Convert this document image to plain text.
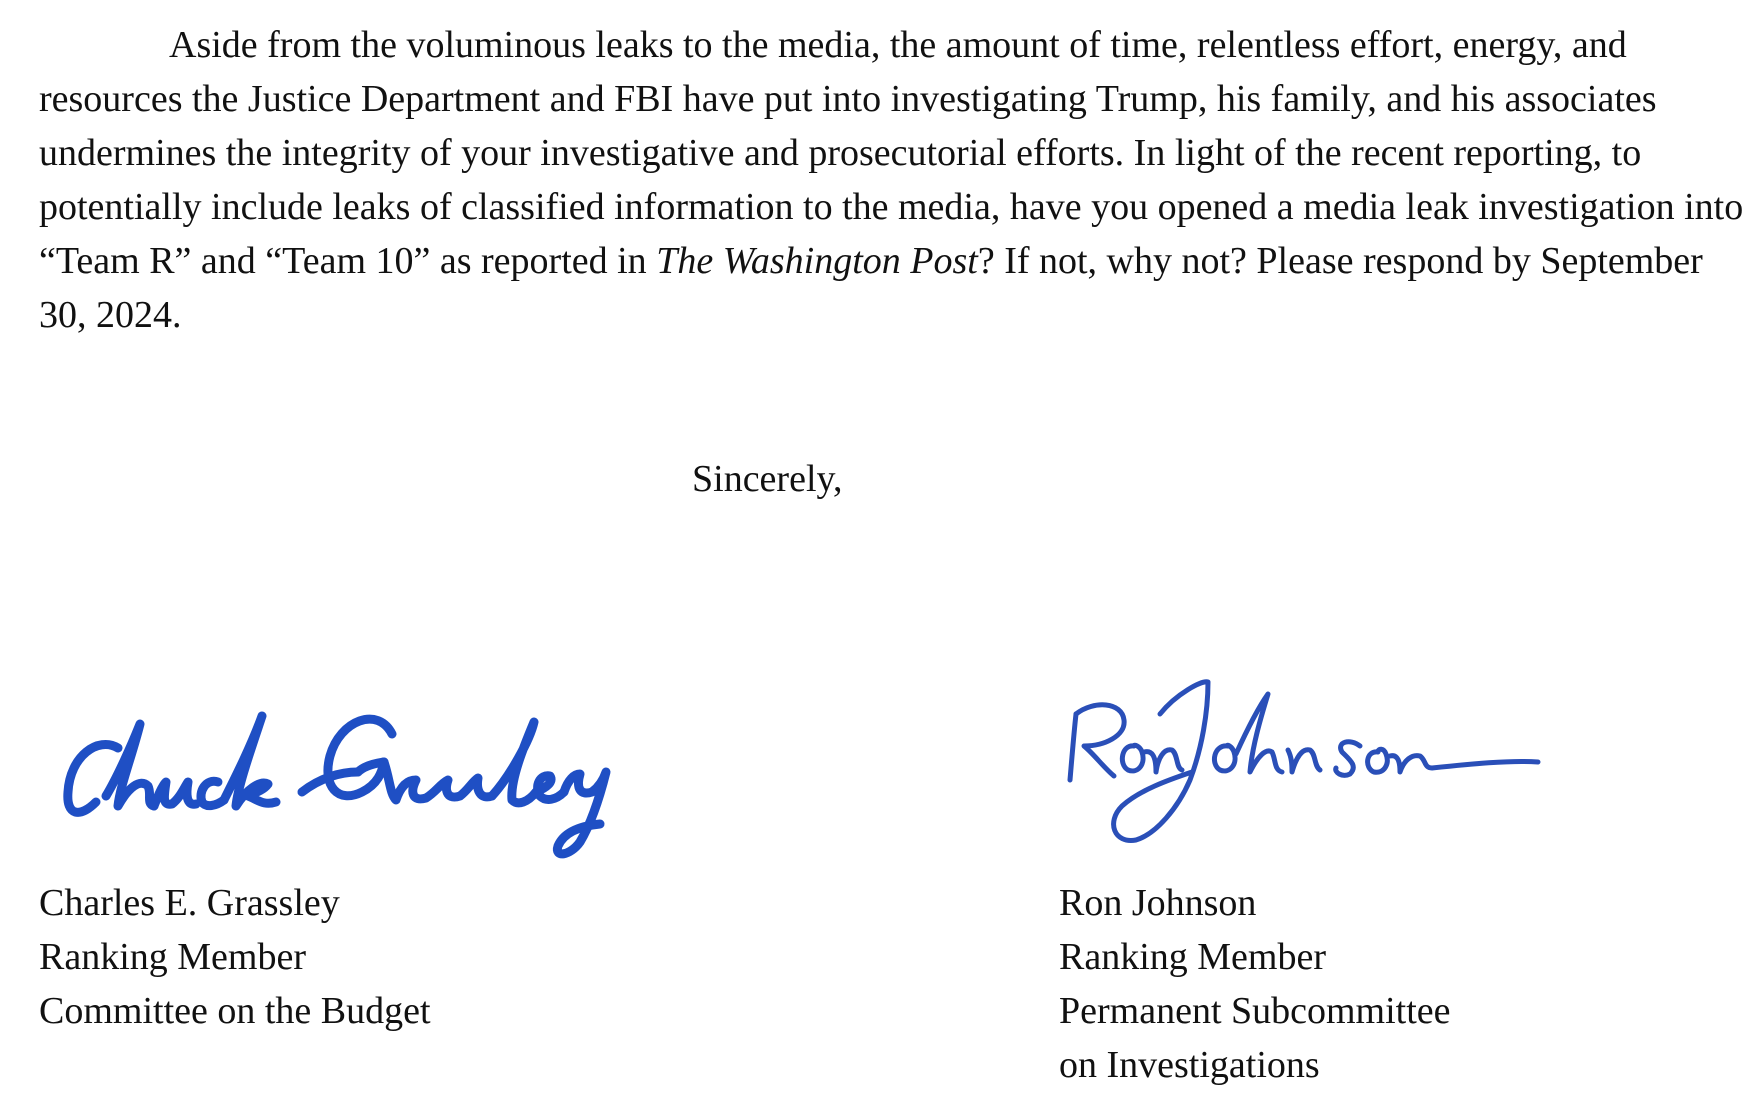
Aside from the voluminous leaks to the media, the amount of time, relentless effort, energy, and resources the Justice Department and FBI have put into investigating Trump, his family, and his associates undermines the integrity of your investigative and prosecutorial efforts. In light of the recent reporting, to potentially include leaks of classified information to the media, have you opened a media leak investigation into “Team R” and “Team 10” as reported in The Washington Post? If not, why not? Please respond by September 30, 2024.

Sincerely,

Charles E. Grassley
Ranking Member
Committee on the Budget
Ron Johnson
Ranking Member
Permanent Subcommittee
on Investigations
